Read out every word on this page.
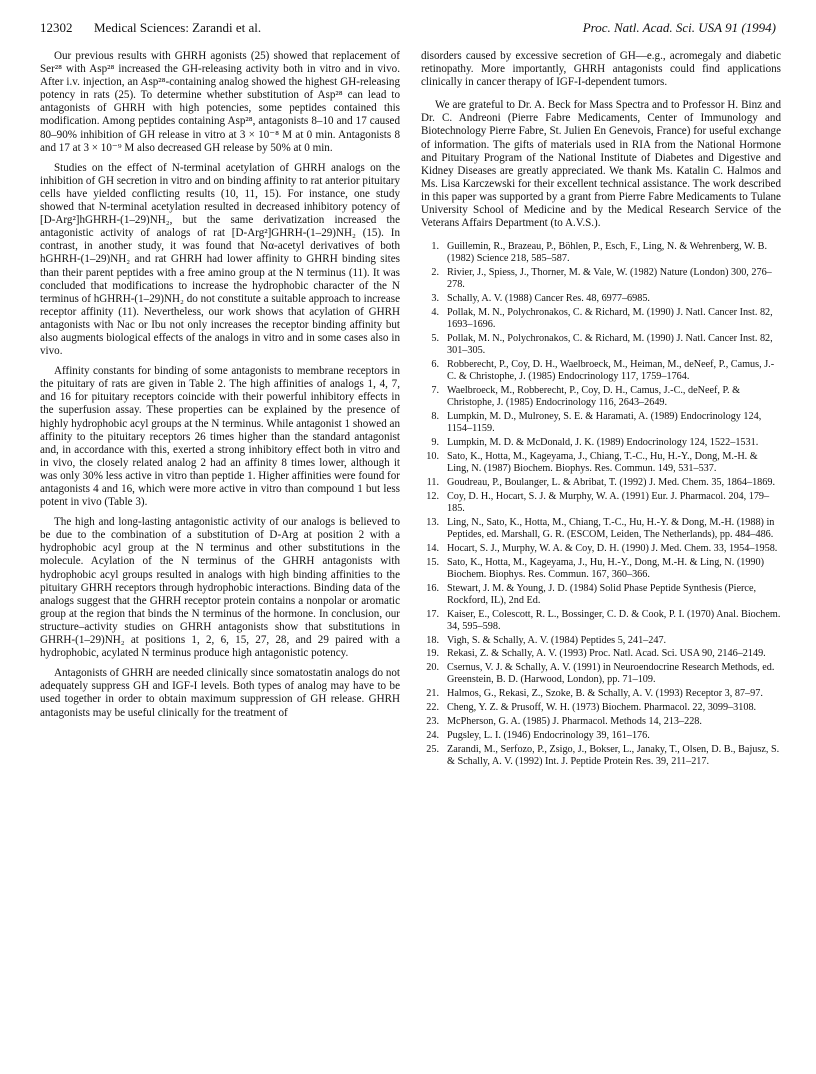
12302 Medical Sciences: Zarandi et al.	Proc. Natl. Acad. Sci. USA 91 (1994)

Our previous results with GHRH agonists (25) showed that replacement of Ser²⁸ with Asp²⁸ increased the GH-releasing activity both in vitro and in vivo. After i.v. injection, an Asp²⁸-containing analog showed the highest GH-releasing potency in rats (25). To determine whether substitution of Asp²⁸ can lead to antagonists of GHRH with high potencies, some peptides contained this modification. Among peptides containing Asp²⁸, antagonists 8–10 and 17 caused 80–90% inhibition of GH release in vitro at 3 × 10⁻⁸ M at 0 min. Antagonists 8 and 17 at 3 × 10⁻⁹ M also decreased GH release by 50% at 0 min.

Studies on the effect of N-terminal acetylation of GHRH analogs on the inhibition of GH secretion in vitro and on binding affinity to rat anterior pituitary cells have yielded conflicting results (10, 11, 15). For instance, one study showed that N-terminal acetylation resulted in decreased inhibitory potency of [D-Arg²]hGHRH-(1–29)NH₂, but the same derivatization increased the antagonistic activity of analogs of rat [D-Arg²]GHRH-(1–29)NH₂ (15). In contrast, in another study, it was found that Nα-acetyl derivatives of both hGHRH-(1–29)NH₂ and rat GHRH had lower affinity to GHRH binding sites than their parent peptides with a free amino group at the N terminus (11). It was concluded that modifications to increase the hydrophobic character of the N terminus of hGHRH-(1–29)NH₂ do not constitute a suitable approach to increase receptor affinity (11). Nevertheless, our work shows that acylation of GHRH antagonists with Nac or Ibu not only increases the receptor binding affinity but also augments biological effects of the analogs in vitro and in some cases also in vivo.

Affinity constants for binding of some antagonists to membrane receptors in the pituitary of rats are given in Table 2. The high affinities of analogs 1, 4, 7, and 16 for pituitary receptors coincide with their powerful inhibitory effects in the superfusion assay. These properties can be explained by the presence of highly hydrophobic acyl groups at the N terminus. While antagonist 1 showed an affinity to the pituitary receptors 26 times higher than the standard antagonist and, in accordance with this, exerted a strong inhibitory effect both in vitro and in vivo, the closely related analog 2 had an affinity 8 times lower, although it was only 30% less active in vitro than peptide 1. Higher affinities were found for antagonists 4 and 16, which were more active in vitro than compound 1 but less potent in vivo (Table 3).

The high and long-lasting antagonistic activity of our analogs is believed to be due to the combination of a substitution of D-Arg at position 2 with a hydrophobic acyl group at the N terminus and other substitutions in the molecule. Acylation of the N terminus of the GHRH antagonists with hydrophobic acyl groups resulted in analogs with high binding affinities to the pituitary GHRH receptors through hydrophobic interactions. Binding data of the analogs suggest that the GHRH receptor protein contains a nonpolar or aromatic group at the region that binds the N terminus of the hormone. In conclusion, our structure–activity studies on GHRH antagonists show that substitutions in GHRH-(1–29)NH₂ at positions 1, 2, 6, 15, 27, 28, and 29 paired with a hydrophobic, acylated N terminus produce high antagonistic potency.

Antagonists of GHRH are needed clinically since somatostatin analogs do not adequately suppress GH and IGF-I levels. Both types of analog may have to be used together in order to obtain maximum suppression of GH release. GHRH antagonists may be useful clinically for the treatment of

disorders caused by excessive secretion of GH—e.g., acromegaly and diabetic retinopathy. More importantly, GHRH antagonists could find applications clinically in cancer therapy of IGF-I-dependent tumors.

We are grateful to Dr. A. Beck for Mass Spectra and to Professor H. Binz and Dr. C. Andreoni (Pierre Fabre Medicaments, Center of Immunology and Biotechnology Pierre Fabre, St. Julien En Genevois, France) for useful exchange of information. The gifts of materials used in RIA from the National Hormone and Pituitary Program of the National Institute of Diabetes and Digestive and Kidney Diseases are greatly appreciated. We thank Ms. Katalin C. Halmos and Ms. Lisa Karczewski for their excellent technical assistance. The work described in this paper was supported by a grant from Pierre Fabre Medicaments to Tulane University School of Medicine and by the Medical Research Service of the Veterans Affairs Department (to A.V.S.).

1. Guillemin, R., Brazeau, P., Böhlen, P., Esch, F., Ling, N. & Wehrenberg, W. B. (1982) Science 218, 585–587.
2. Rivier, J., Spiess, J., Thorner, M. & Vale, W. (1982) Nature (London) 300, 276–278.
3. Schally, A. V. (1988) Cancer Res. 48, 6977–6985.
4. Pollak, M. N., Polychronakos, C. & Richard, M. (1990) J. Natl. Cancer Inst. 82, 1693–1696.
5. Pollak, M. N., Polychronakos, C. & Richard, M. (1990) J. Natl. Cancer Inst. 82, 301–305.
6. Robberecht, P., Coy, D. H., Waelbroeck, M., Heiman, M., deNeef, P., Camus, J.-C. & Christophe, J. (1985) Endocrinology 117, 1759–1764.
7. Waelbroeck, M., Robberecht, P., Coy, D. H., Camus, J.-C., deNeef, P. & Christophe, J. (1985) Endocrinology 116, 2643–2649.
8. Lumpkin, M. D., Mulroney, S. E. & Haramati, A. (1989) Endocrinology 124, 1154–1159.
9. Lumpkin, M. D. & McDonald, J. K. (1989) Endocrinology 124, 1522–1531.
10. Sato, K., Hotta, M., Kageyama, J., Chiang, T.-C., Hu, H.-Y., Dong, M.-H. & Ling, N. (1987) Biochem. Biophys. Res. Commun. 149, 531–537.
11. Goudreau, P., Boulanger, L. & Abribat, T. (1992) J. Med. Chem. 35, 1864–1869.
12. Coy, D. H., Hocart, S. J. & Murphy, W. A. (1991) Eur. J. Pharmacol. 204, 179–185.
13. Ling, N., Sato, K., Hotta, M., Chiang, T.-C., Hu, H.-Y. & Dong, M.-H. (1988) in Peptides, ed. Marshall, G. R. (ESCOM, Leiden, The Netherlands), pp. 484–486.
14. Hocart, S. J., Murphy, W. A. & Coy, D. H. (1990) J. Med. Chem. 33, 1954–1958.
15. Sato, K., Hotta, M., Kageyama, J., Hu, H.-Y., Dong, M.-H. & Ling, N. (1990) Biochem. Biophys. Res. Commun. 167, 360–366.
16. Stewart, J. M. & Young, J. D. (1984) Solid Phase Peptide Synthesis (Pierce, Rockford, IL), 2nd Ed.
17. Kaiser, E., Colescott, R. L., Bossinger, C. D. & Cook, P. I. (1970) Anal. Biochem. 34, 595–598.
18. Vigh, S. & Schally, A. V. (1984) Peptides 5, 241–247.
19. Rekasi, Z. & Schally, A. V. (1993) Proc. Natl. Acad. Sci. USA 90, 2146–2149.
20. Csernus, V. J. & Schally, A. V. (1991) in Neuroendocrine Research Methods, ed. Greenstein, B. D. (Harwood, London), pp. 71–109.
21. Halmos, G., Rekasi, Z., Szoke, B. & Schally, A. V. (1993) Receptor 3, 87–97.
22. Cheng, Y. Z. & Prusoff, W. H. (1973) Biochem. Pharmacol. 22, 3099–3108.
23. McPherson, G. A. (1985) J. Pharmacol. Methods 14, 213–228.
24. Pugsley, L. I. (1946) Endocrinology 39, 161–176.
25. Zarandi, M., Serfozo, P., Zsigo, J., Bokser, L., Janaky, T., Olsen, D. B., Bajusz, S. & Schally, A. V. (1992) Int. J. Peptide Protein Res. 39, 211–217.
